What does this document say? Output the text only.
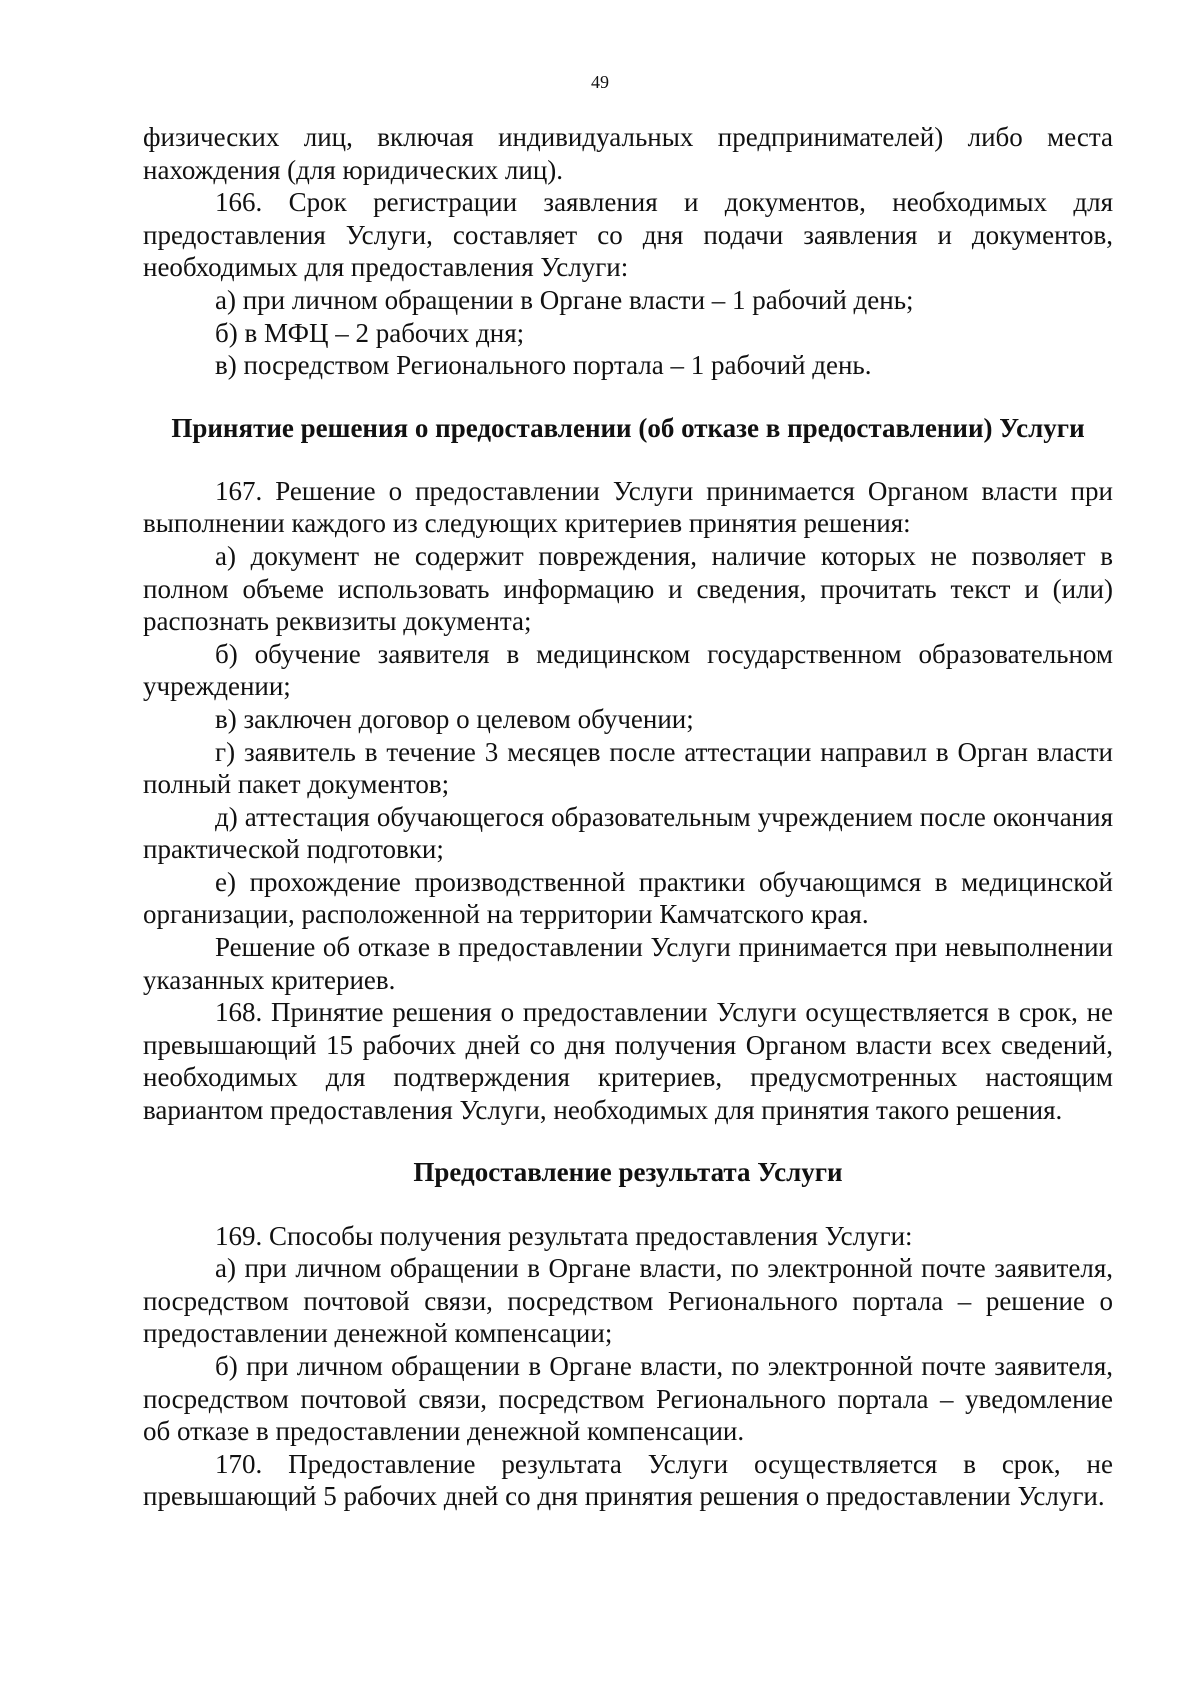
49

физических лиц, включая индивидуальных предпринимателей) либо места нахождения (для юридических лиц).

166. Срок регистрации заявления и документов, необходимых для предоставления Услуги, составляет со дня подачи заявления и документов, необходимых для предоставления Услуги:

а) при личном обращении в Органе власти – 1 рабочий день;

б) в МФЦ – 2 рабочих дня;

в) посредством Регионального портала – 1 рабочий день.

Принятие решения о предоставлении (об отказе в предоставлении) Услуги

167. Решение о предоставлении Услуги принимается Органом власти при выполнении каждого из следующих критериев принятия решения:

а) документ не содержит повреждения, наличие которых не позволяет в полном объеме использовать информацию и сведения, прочитать текст и (или) распознать реквизиты документа;

б) обучение заявителя в медицинском государственном образовательном учреждении;

в) заключен договор о целевом обучении;

г) заявитель в течение 3 месяцев после аттестации направил в Орган власти полный пакет документов;

д) аттестация обучающегося образовательным учреждением после окончания практической подготовки;

е) прохождение производственной практики обучающимся в медицинской организации, расположенной на территории Камчатского края.

Решение об отказе в предоставлении Услуги принимается при невыполнении указанных критериев.

168. Принятие решения о предоставлении Услуги осуществляется в срок, не превышающий 15 рабочих дней со дня получения Органом власти всех сведений, необходимых для подтверждения критериев, предусмотренных настоящим вариантом предоставления Услуги, необходимых для принятия такого решения.

Предоставление результата Услуги

169. Способы получения результата предоставления Услуги:

а) при личном обращении в Органе власти, по электронной почте заявителя, посредством почтовой связи, посредством Регионального портала – решение о предоставлении денежной компенсации;

б) при личном обращении в Органе власти, по электронной почте заявителя, посредством почтовой связи, посредством Регионального портала – уведомление об отказе в предоставлении денежной компенсации.

170. Предоставление результата Услуги осуществляется в срок, не превышающий 5 рабочих дней со дня принятия решения о предоставлении Услуги.
